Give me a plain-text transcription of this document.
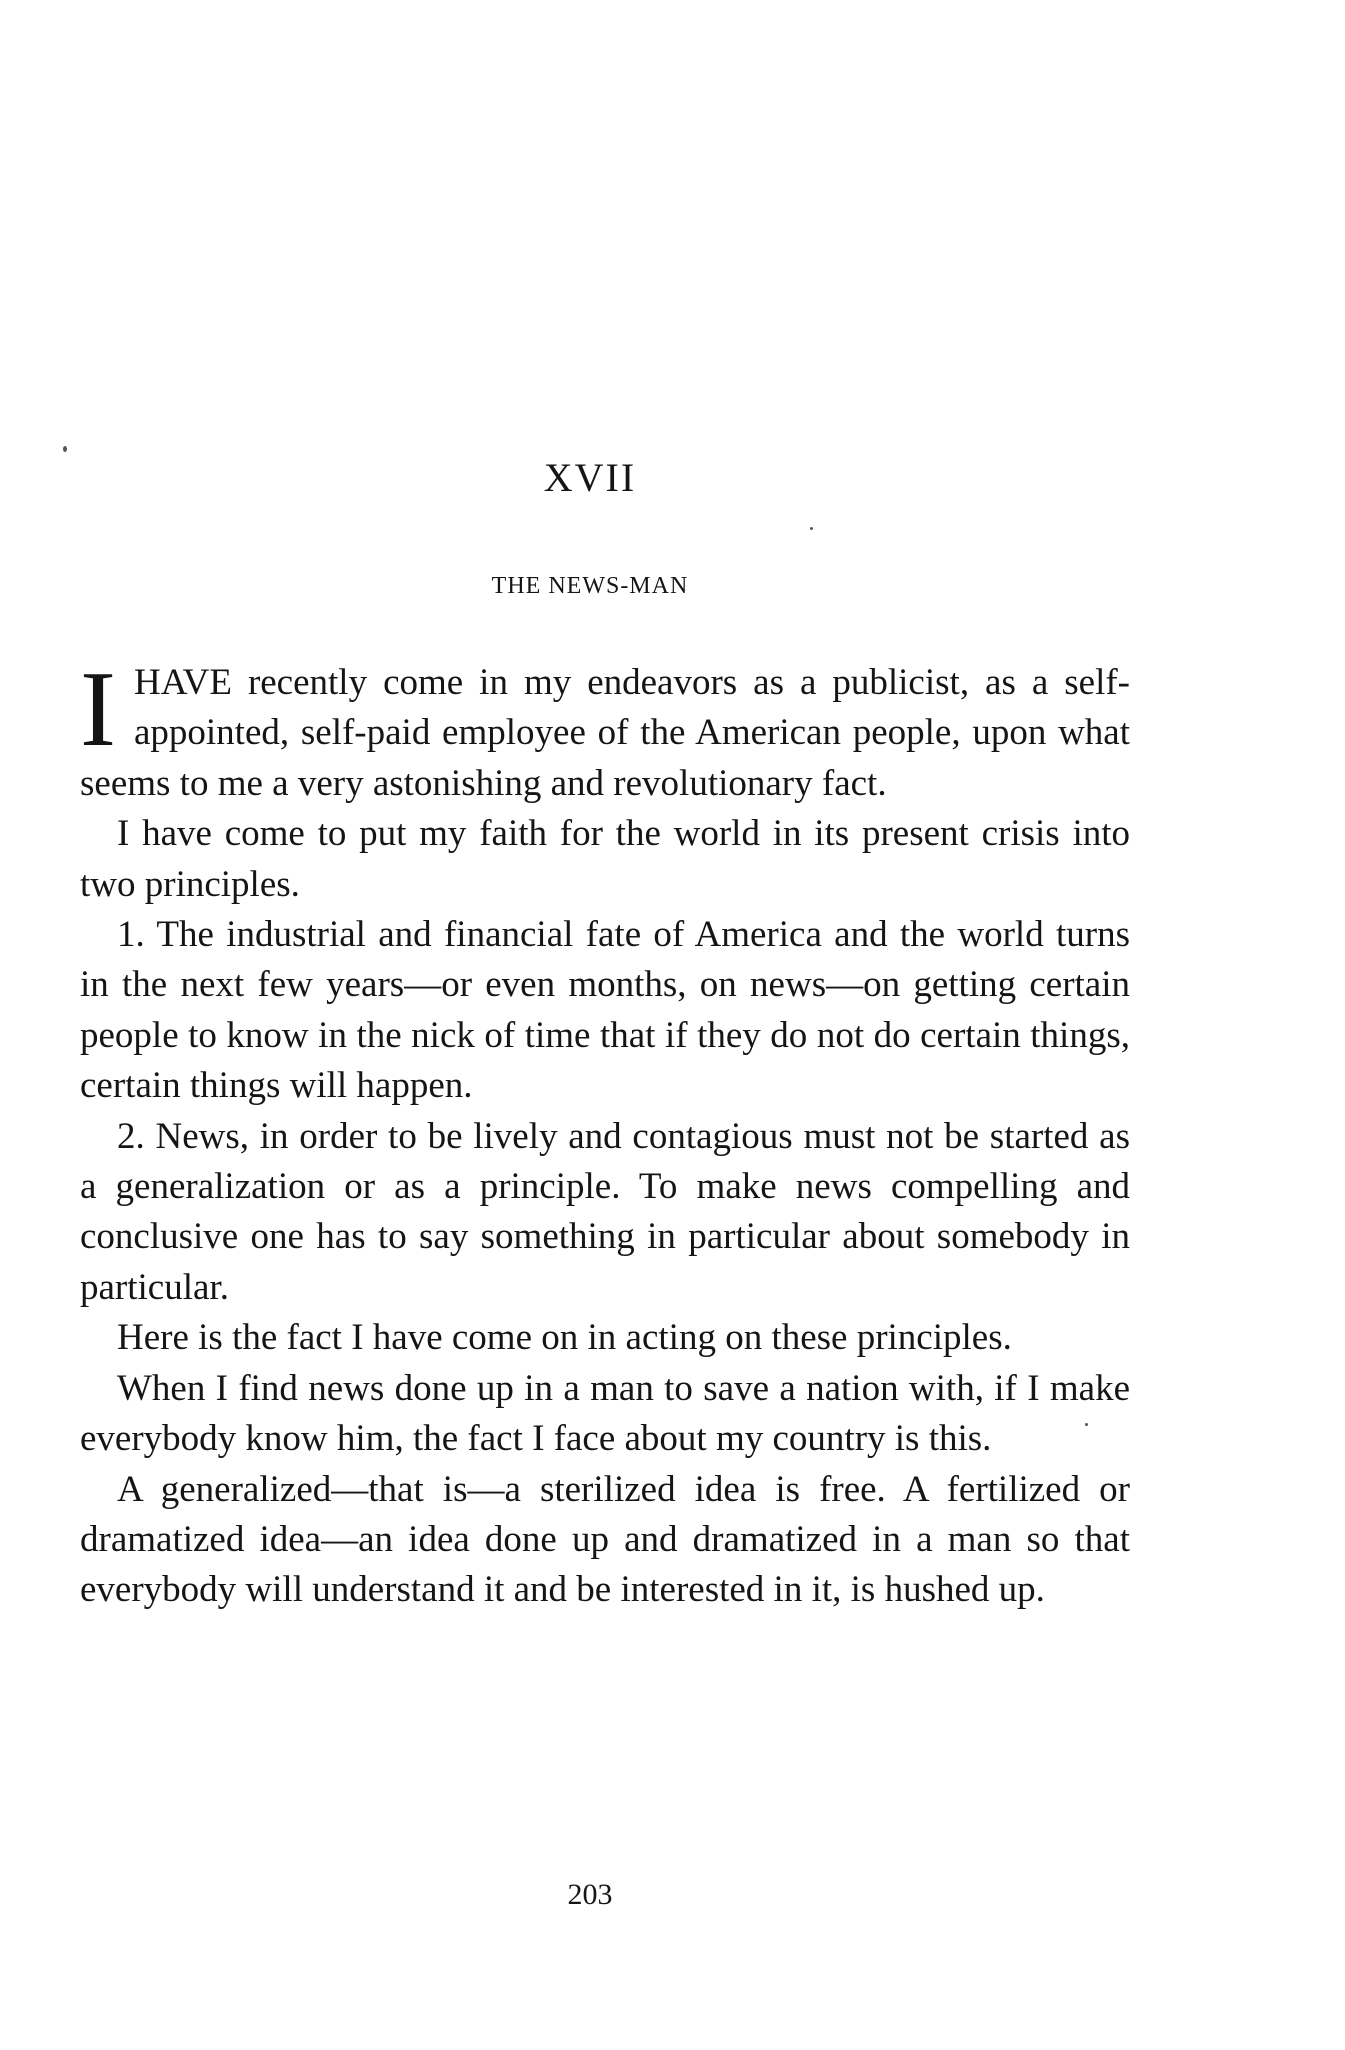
XVII
THE NEWS-MAN

I HAVE recently come in my endeavors as a publicist, as a self-appointed, self-paid employee of the American people, upon what seems to me a very astonishing and revolutionary fact.

I have come to put my faith for the world in its present crisis into two principles.

1. The industrial and financial fate of America and the world turns in the next few years—or even months, on news—on getting certain people to know in the nick of time that if they do not do certain things, certain things will happen.

2. News, in order to be lively and contagious must not be started as a generalization or as a principle. To make news compelling and conclusive one has to say something in particular about somebody in particular.

Here is the fact I have come on in acting on these principles.

When I find news done up in a man to save a nation with, if I make everybody know him, the fact I face about my country is this.

A generalized—that is—a sterilized idea is free. A fertilized or dramatized idea—an idea done up and dramatized in a man so that everybody will understand it and be interested in it, is hushed up.

203
